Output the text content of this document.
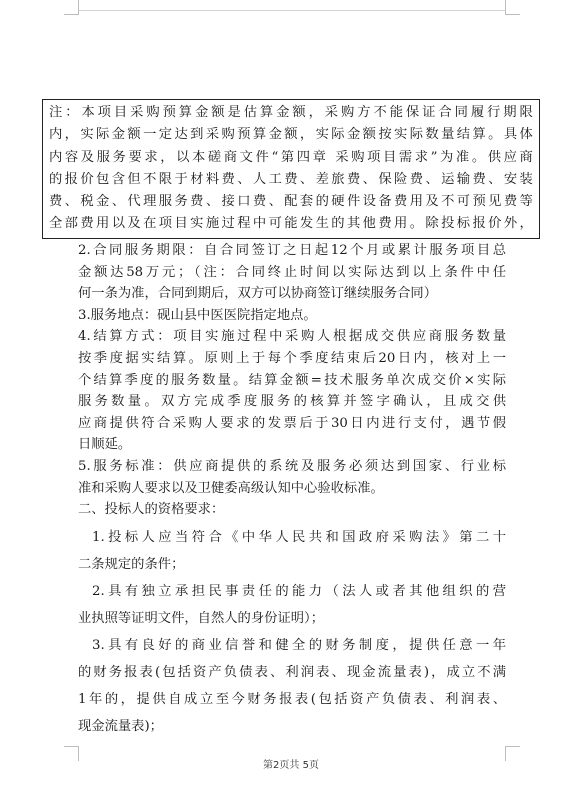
注：本项目采购预算金额是估算金额，采购方不能保证合同履行期限
内，实际金额一定达到采购预算金额，实际金额按实际数量结算。具体
内容及服务要求，以本磋商文件“第四章 采购项目需求”为准。供应商
的报价包含但不限于材料费、人工费、差旅费、保险费、运输费、安装
费、税金、代理服务费、接口费、配套的硬件设备费用及不可预见费等
全部费用以及在项目实施过程中可能发生的其他费用。除投标报价外，
2.合同服务期限：自合同签订之日起12个月或累计服务项目总
金额达58万元；（注：合同终止时间以实际达到以上条件中任
何一条为准，合同到期后，双方可以协商签订继续服务合同）
3.服务地点：砚山县中医医院指定地点。
4.结算方式：项目实施过程中采购人根据成交供应商服务数量
按季度据实结算。原则上于每个季度结束后20日内，核对上一
个结算季度的服务数量。结算金额=技术服务单次成交价×实际
服务数量。双方完成季度服务的核算并签字确认，且成交供
应商提供符合采购人要求的发票后于30日内进行支付，遇节假
日顺延。
5.服务标准：供应商提供的系统及服务必须达到国家、行业标
准和采购人要求以及卫健委高级认知中心验收标准。
二、投标人的资格要求：
1.投标人应当符合《中华人民共和国政府采购法》第二十
二条规定的条件；
2.具有独立承担民事责任的能力（法人或者其他组织的营
业执照等证明文件，自然人的身份证明）；
3.具有良好的商业信誉和健全的财务制度，提供任意一年
的财务报表(包括资产负债表、利润表、现金流量表)，成立不满
1年的，提供自成立至今财务报表(包括资产负债表、利润表、
现金流量表)；
第2页共 5页
